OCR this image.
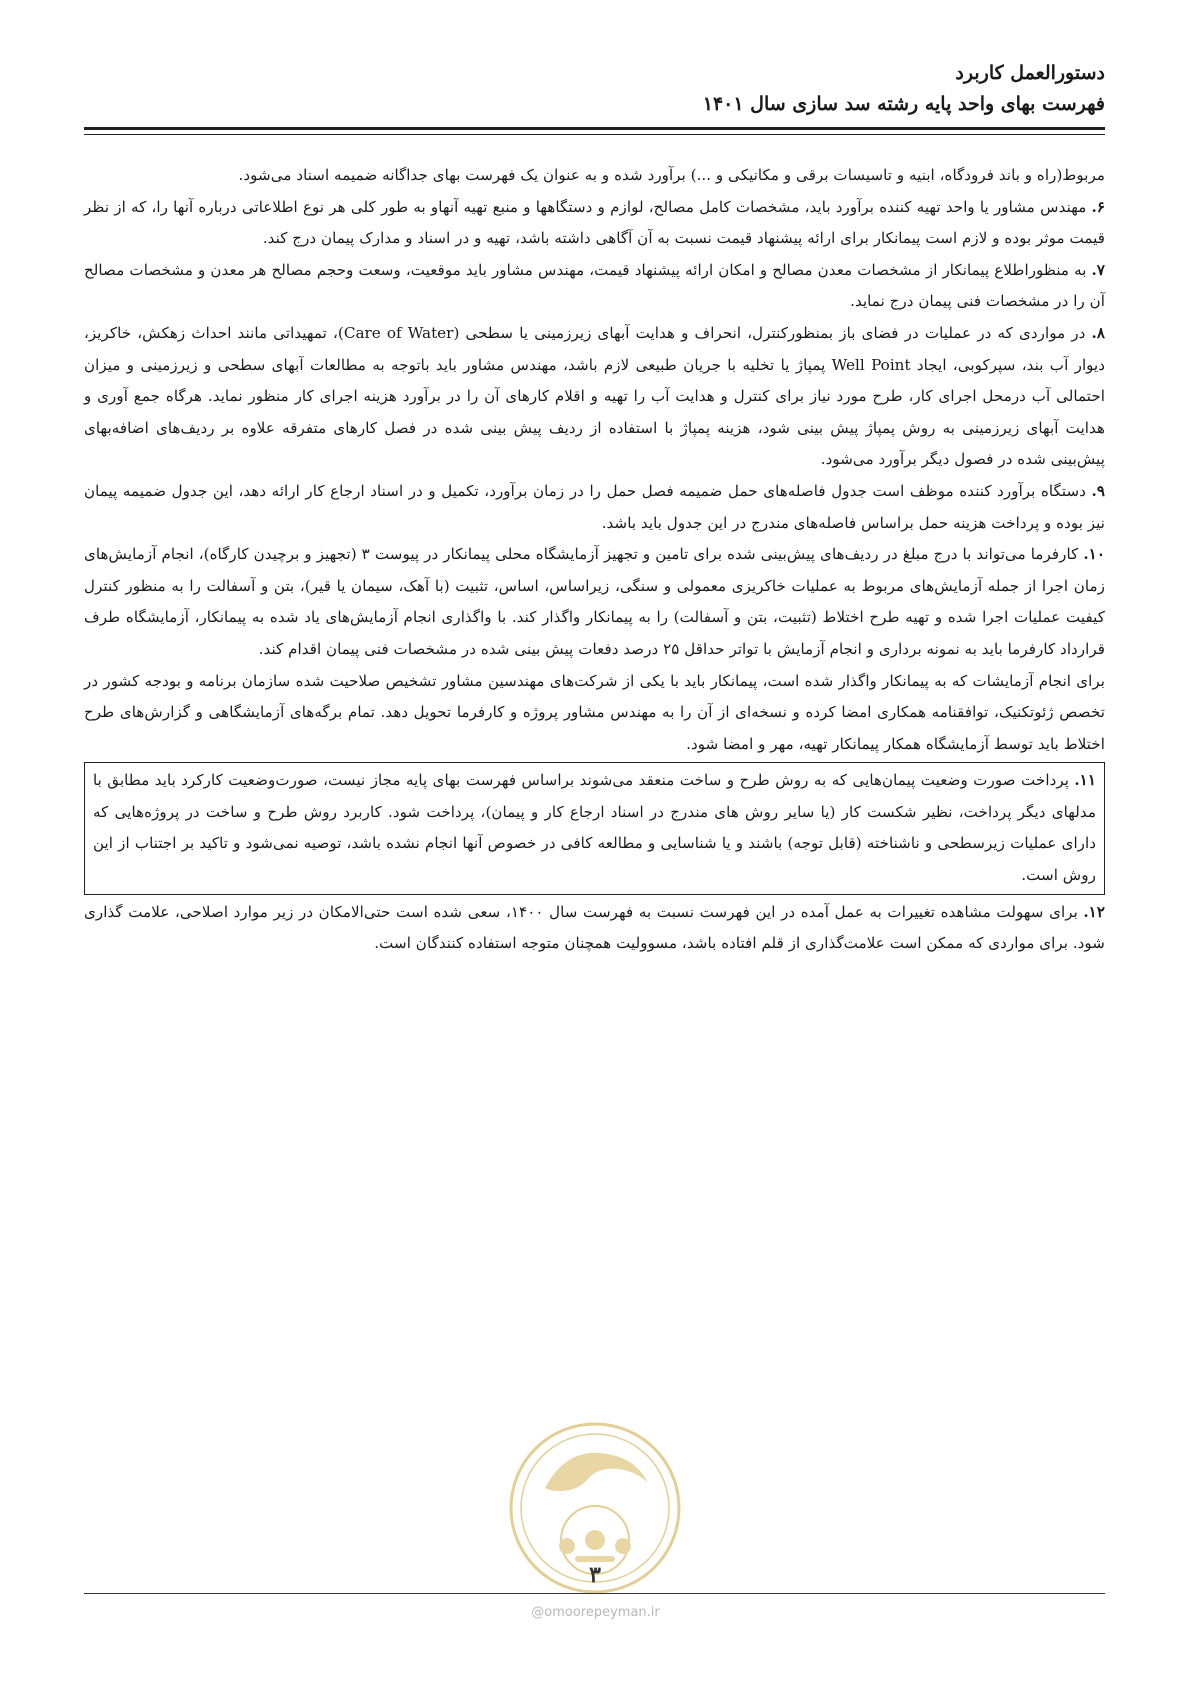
دستورالعمل کاربرد
فهرست بهای واحد پایه رشته سد سازی سال ۱۴۰۱

مربوط(راه و باند فرودگاه، ابنیه و تاسیسات برقی و مکانیکی و ...) برآورد شده و به عنوان یک فهرست بهای جداگانه ضمیمه اسناد می‌شود.

۶. مهندس مشاور یا واحد تهیه کننده برآورد باید، مشخصات کامل مصالح، لوازم و دستگاهها و منبع تهیه آنهاو به طور کلی هر نوع اطلاعاتی درباره آنها را، که از نظر قیمت موثر بوده و لازم است پیمانکار برای ارائه پیشنهاد قیمت نسبت به آن آگاهی داشته باشد، تهیه و در اسناد و مدارک پیمان درج کند.

۷. به منظوراطلاع پیمانکار از مشخصات معدن مصالح و امکان ارائه پیشنهاد قیمت، مهندس مشاور باید موقعیت، وسعت وحجم مصالح هر معدن و مشخصات مصالح آن را در مشخصات فنی پیمان درج نماید.

۸. در مواردی که در عملیات در فضای باز بمنظورکنترل، انحراف و هدایت آبهای زیرزمینی یا سطحی (Care of Water)، تمهیداتی مانند احداث زهکش، خاکریز، دیوار آب بند، سپرکوبی، ایجاد Well Point پمپاژ یا تخلیه با جریان طبیعی لازم باشد، مهندس مشاور باید باتوجه به مطالعات آبهای سطحی و زیرزمینی و میزان احتمالی آب درمحل اجرای کار، طرح مورد نیاز برای کنترل و هدایت آب را تهیه و اقلام کارهای آن را در برآورد هزینه اجرای کار منظور نماید. هرگاه جمع آوری و هدایت آبهای زیرزمینی به روش پمپاژ پیش بینی شود، هزینه پمپاژ با استفاده از ردیف پیش بینی شده در فصل کارهای متفرقه علاوه بر ردیف‌های اضافه‌بهای پیش‌بینی شده در فصول دیگر برآورد می‌شود.

۹. دستگاه برآورد کننده موظف است جدول فاصله‌های حمل ضمیمه فصل حمل را در زمان برآورد، تکمیل و در اسناد ارجاع کار ارائه دهد، این جدول ضمیمه پیمان نیز بوده و پرداخت هزینه حمل براساس فاصله‌های مندرج در این جدول باید باشد.

۱۰. کارفرما می‌تواند با درج مبلغ در ردیف‌های پیش‌بینی شده برای تامین و تجهیز آزمایشگاه محلی پیمانکار در پیوست ۳ (تجهیز و برچیدن کارگاه)، انجام آزمایش‌های زمان اجرا از جمله آزمایش‌های مربوط به عملیات خاکریزی معمولی و سنگی، زیراساس، اساس، تثبیت (با آهک، سیمان یا قیر)، بتن و آسفالت را به منظور کنترل کیفیت عملیات اجرا شده و تهیه طرح اختلاط (تثبیت، بتن و آسفالت) را به پیمانکار واگذار کند. با واگذاری انجام آزمایش‌های یاد شده به پیمانکار، آزمایشگاه طرف قرارداد کارفرما باید به نمونه برداری و انجام آزمایش با تواتر حداقل ۲۵ درصد دفعات پیش بینی شده در مشخصات فنی پیمان اقدام کند.

برای انجام آزمایشات که به پیمانکار واگذار شده است، پیمانکار باید با یکی از شرکت‌های مهندسین مشاور تشخیص صلاحیت شده سازمان برنامه و بودجه کشور در تخصص ژئوتکنیک، توافقنامه همکاری امضا کرده و نسخه‌ای از آن را به مهندس مشاور پروژه و کارفرما تحویل دهد. تمام برگه‌های آزمایشگاهی و گزارش‌های طرح اختلاط باید توسط آزمایشگاه همکار پیمانکار تهیه، مهر و امضا شود.

۱۱. پرداخت صورت وضعیت پیمان‌هایی که به روش طرح و ساخت منعقد می‌شوند براساس فهرست بهای پایه مجاز نیست، صورت‌وضعیت کارکرد باید مطابق با مدلهای دیگر پرداخت، نظیر شکست کار (یا سایر روش های مندرج در اسناد ارجاع کار و پیمان)، پرداخت شود. کاربرد روش طرح و ساخت در پروژه‌هایی که دارای عملیات زیرسطحی و ناشناخته (قابل توجه) باشند و یا شناسایی و مطالعه کافی در خصوص آنها انجام نشده باشد، توصیه نمی‌شود و تاکید بر اجتناب از این روش است.

۱۲. برای سهولت مشاهده تغییرات به عمل آمده در این فهرست نسبت به فهرست سال ۱۴۰۰، سعی شده است حتی‌الامکان در زیر موارد اصلاحی، علامت گذاری شود. برای مواردی که ممکن است علامت‌گذاری از قلم افتاده باشد، مسوولیت همچنان متوجه استفاده کنندگان است.

۳
@omoorepeyman.ir
